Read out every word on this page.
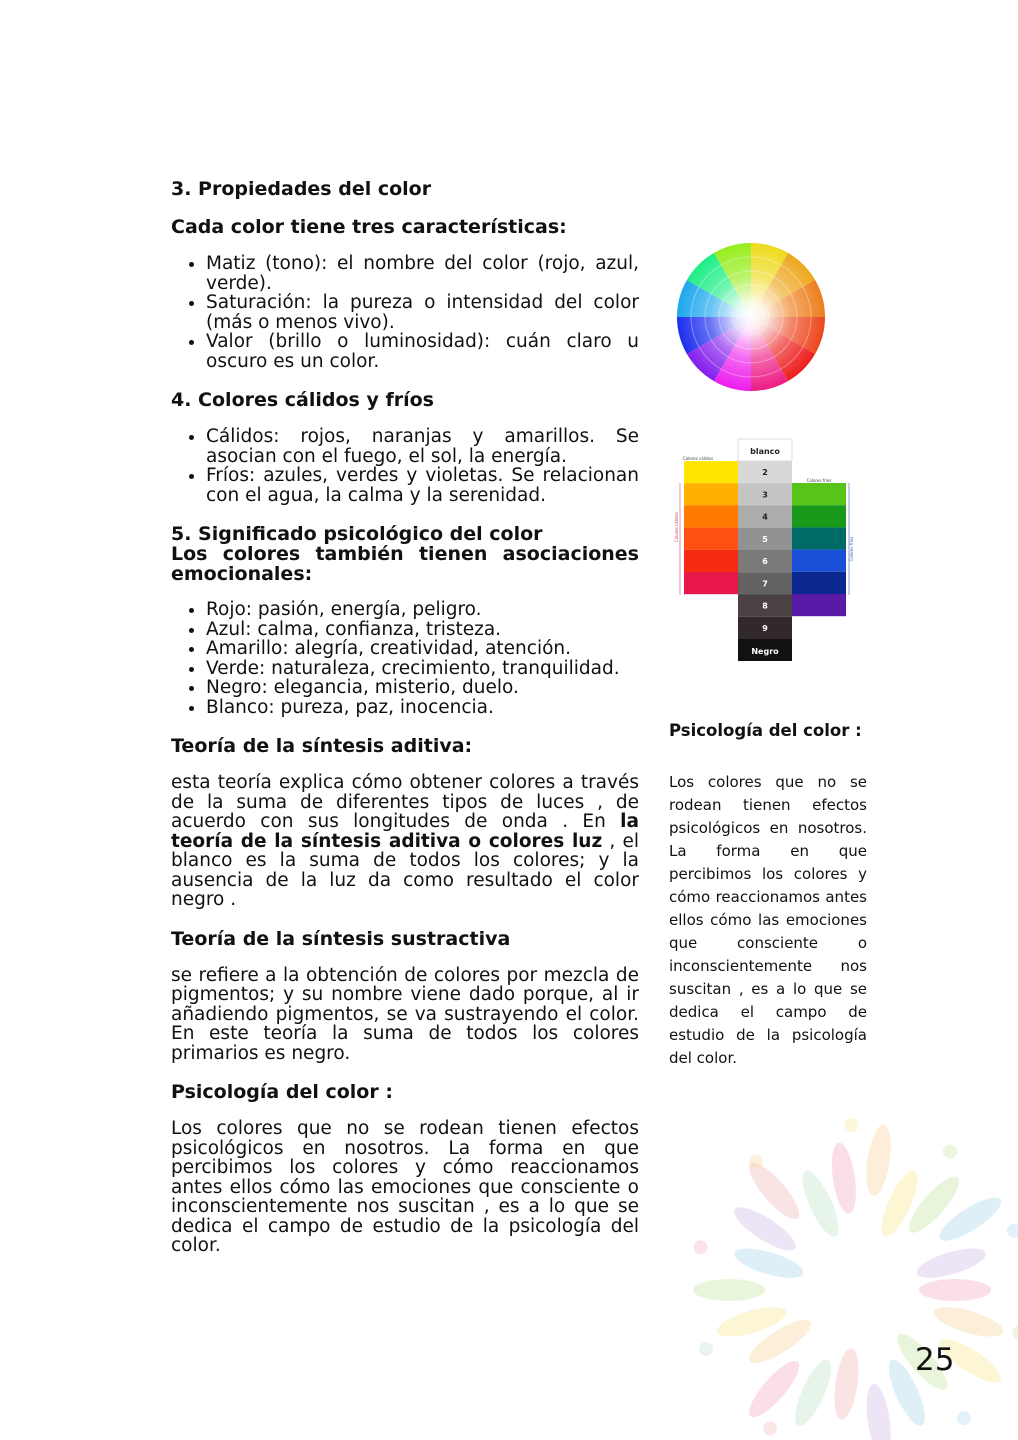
3. Propiedades del color
Cada color tiene tres características:
• Matiz (tono): el nombre del color (rojo, azul, verde).
• Saturación: la pureza o intensidad del color (más o menos vivo).
• Valor (brillo o luminosidad): cuán claro u oscuro es un color.
4. Colores cálidos y fríos
• Cálidos: rojos, naranjas y amarillos. Se asocian con el fuego, el sol, la energía.
• Fríos: azules, verdes y violetas. Se relacionan con el agua, la calma y la serenidad.
5. Significado psicológico del color
Los colores también tienen asociaciones emocionales:
• Rojo: pasión, energía, peligro.
• Azul: calma, confianza, tristeza.
• Amarillo: alegría, creatividad, atención.
• Verde: naturaleza, crecimiento, tranquilidad.
• Negro: elegancia, misterio, duelo.
• Blanco: pureza, paz, inocencia.
Teoría de la síntesis aditiva:

esta teoría explica cómo obtener colores a través de la suma de diferentes tipos de luces , de acuerdo con sus longitudes de onda . En la teoría de la síntesis aditiva o colores luz , el blanco es la suma de todos los colores; y la ausencia de la luz da como resultado el color negro .

Teoría de la síntesis sustractiva

se refiere a la obtención de colores por mezcla de pigmentos; y su nombre viene dado porque, al ir añadiendo pigmentos, se va sustrayendo el color. En este teoría la suma de todos los colores primarios es negro.

Psicología del color :

Los colores que no se rodean tienen efectos psicológicos en nosotros. La forma en que percibimos los colores y cómo reaccionamos antes ellos cómo las emociones que consciente o inconscientemente nos suscitan , es a lo que se dedica el campo de estudio de la psicología del color.

blanco
2
3
4
5
6
7
8
9
Negro
Colores cálidos
Colores fríos
Colores cálidos
Colores fríos
Psicología del color :
Los colores que no se rodean tienen efectos psicológicos en nosotros. La forma en que percibimos los colores y cómo reaccionamos antes ellos cómo las emociones que consciente o inconscientemente nos suscitan , es a lo que se dedica el campo de estudio de la psicología del color.
25
